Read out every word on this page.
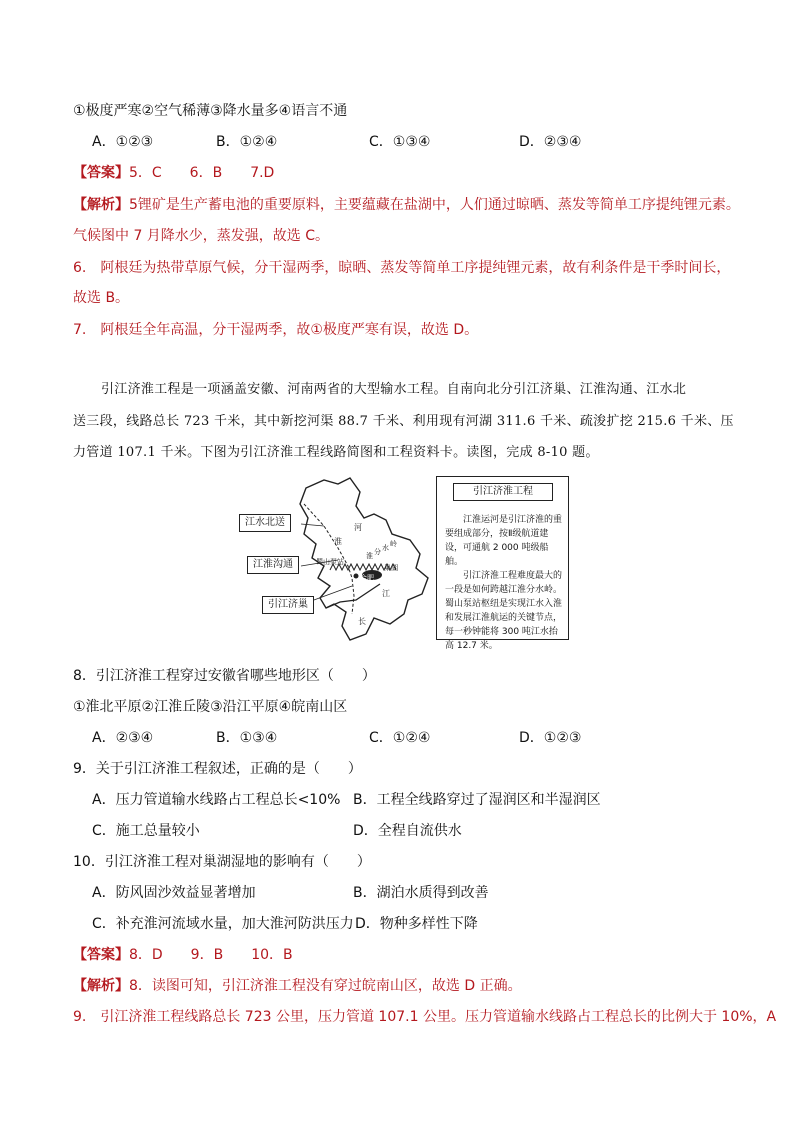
①极度严寒②空气稀薄③降水量多④语言不通
A．①②③	B．①②④	C．①③④	D．②③④
【答案】5．C　　6．B　　7.D
【解析】5锂矿是生产蓄电池的重要原料，主要蕴藏在盐湖中，人们通过晾晒、蒸发等简单工序提纯锂元素。
气候图中 7 月降水少，蒸发强，故选 C。
6.　阿根廷为热带草原气候，分干湿两季，晾晒、蒸发等简单工序提纯锂元素，故有利条件是干季时间长，
故选 B。
7.　阿根廷全年高温，分干湿两季，故①极度严寒有误，故选 D。
引江济淮工程是一项涵盖安徽、河南两省的大型输水工程。自南向北分引江济巢、江淮沟通、江水北
送三段，线路总长 723 千米，其中新挖河渠 88.7 千米、利用现有河湖 311.6 千米、疏浚扩挖 215.6 千米、压
力管道 107.1 千米。下图为引江济淮工程线路简图和工程资料卡。读图，完成 8-10 题。
河
淮
蜀山泵站
合肥
江
长
巢湖
淮 分 水 岭
江水北送
江淮沟通
引江济巢
引江济淮工程

江淮运河是引江济淮的重要组成部分，按Ⅱ级航道建设，可通航 2 000 吨级船舶。

引江济淮工程难度最大的一段是如何跨越江淮分水岭。蜀山泵站枢纽是实现江水入淮和发展江淮航运的关键节点，每一秒钟能将 300 吨江水抬高 12.7 米。

8．引江济淮工程穿过安徽省哪些地形区（　　）
①淮北平原②江淮丘陵③沿江平原④皖南山区
A．②③④	B．①③④	C．①②④	D．①②③
9．关于引江济淮工程叙述，正确的是（　　）
A．压力管道输水线路占工程总长<10% B．工程全线路穿过了湿润区和半湿润区
C．施工总量较小	D．全程自流供水
10．引江济淮工程对巢湖湿地的影响有（　　）
A．防风固沙效益显著增加	B．湖泊水质得到改善
C．补充淮河流域水量，加大淮河防洪压力 D．物种多样性下降
【答案】8．D　　9．B　　10．B
【解析】8．读图可知，引江济淮工程没有穿过皖南山区，故选 D 正确。
9.　引江济淮工程线路总长 723 公里，压力管道 107.1 公里。压力管道输水线路占工程总长的比例大于 10%，A
